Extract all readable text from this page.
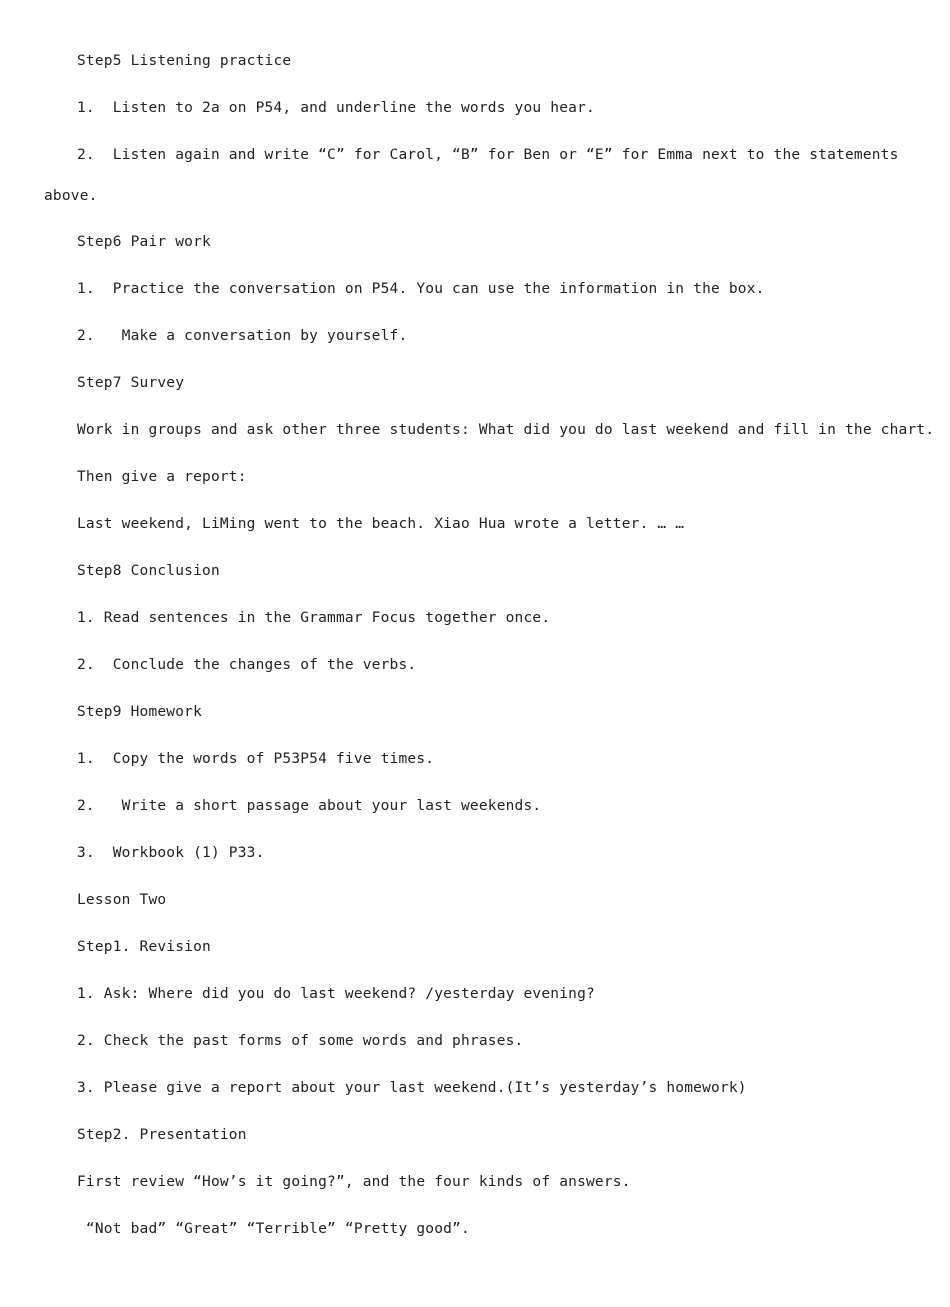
Step5 Listening practice
1.  Listen to 2a on P54, and underline the words you hear.
2.  Listen again and write “C” for Carol, “B” for Ben or “E” for Emma next to the statements
above.
Step6 Pair work
1.  Practice the conversation on P54. You can use the information in the box.
2.   Make a conversation by yourself.
Step7 Survey
Work in groups and ask other three students: What did you do last weekend and fill in the chart.
Then give a report:
Last weekend, LiMing went to the beach. Xiao Hua wrote a letter. … …
Step8 Conclusion
1. Read sentences in the Grammar Focus together once.
2.  Conclude the changes of the verbs.
Step9 Homework
1.  Copy the words of P53P54 five times.
2.   Write a short passage about your last weekends.
3.  Workbook (1) P33.
Lesson Two
Step1. Revision
1. Ask: Where did you do last weekend? /yesterday evening?
2. Check the past forms of some words and phrases.
3. Please give a report about your last weekend.(It’s yesterday’s homework)
Step2. Presentation
First review “How’s it going?”, and the four kinds of answers.
“Not bad” “Great” “Terrible” “Pretty good”.
